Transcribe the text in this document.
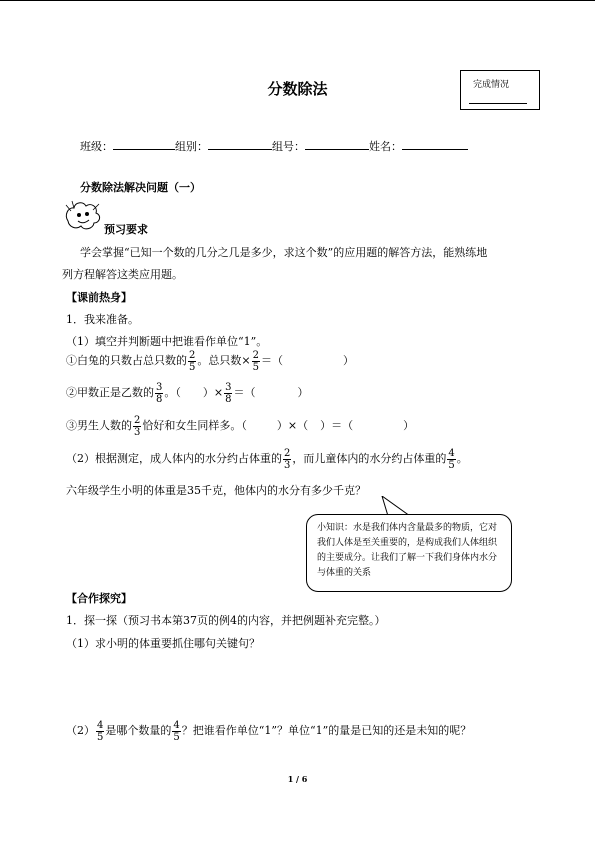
分数除法	完成情况
班级：	组别：	组号：	姓名：
分数除法解决问题（一）
预习要求
学会掌握“已知一个数的几分之几是多少，求这个数”的应用题的解答方法，能熟练地
列方程解答这类应用题。
【课前热身】
1．我来准备。
（1）填空并判断题中把谁看作单位“1”。
①白兔的只数占总只数的 $\frac{2}{5}$ 。总只数× $\frac{2}{5}$ ＝（	）
②甲数正是乙数的 $\frac{3}{8}$ 。（ ）× $\frac{3}{8}$ ＝（	）
③男生人数的 $\frac{2}{3}$ 恰好和女生同样多。（	）×（ ）＝（	）
（2）根据测定，成人体内的水分约占体重的 $\frac{2}{3}$ ，而儿童体内的水分约占体重的 $\frac{4}{5}$ 。
六年级学生小明的体重是35千克，他体内的水分有多少千克？
小知识：水是我们体内含量最多的物质，它对我们人体是至关重要的，是构成我们人体组织的主要成分。让我们了解一下我们身体内水分与体重的关系
【合作探究】
1．探一探（预习书本第37页的例4的内容，并把例题补充完整。）
（1）求小明的体重要抓住哪句关键句？
$(2) \frac{4}{5}$ 是哪个数量的 $\frac{4}{5}$ ？把谁看作单位“1”？单位“1”的量是已知的还是未知的呢？
1 / 6
